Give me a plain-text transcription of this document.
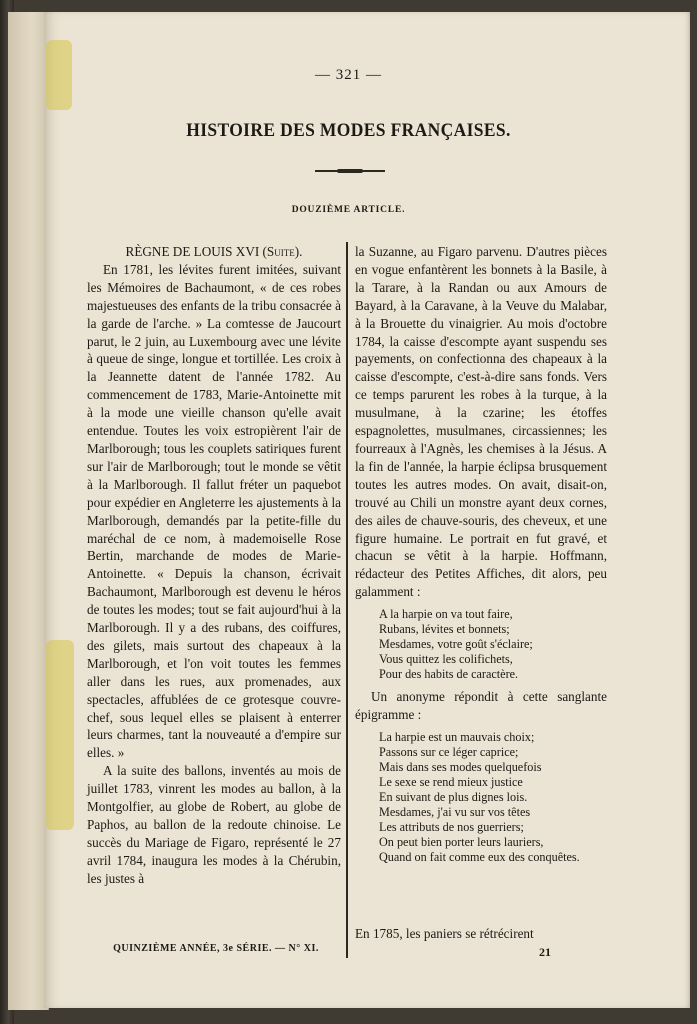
— 321 —
HISTOIRE DES MODES FRANÇAISES.
DOUZIÈME ARTICLE.

RÈGNE DE LOUIS XVI (Suite).

En 1781, les lévites furent imitées, suivant les Mémoires de Bachaumont, « de ces robes majestueuses des enfants de la tribu consacrée à la garde de l'arche. » La comtesse de Jaucourt parut, le 2 juin, au Luxembourg avec une lévite à queue de singe, longue et tortillée. Les croix à la Jeannette datent de l'année 1782. Au commencement de 1783, Marie-Antoinette mit à la mode une vieille chanson qu'elle avait entendue. Toutes les voix estropièrent l'air de Marlborough; tous les couplets satiriques furent sur l'air de Marlborough; tout le monde se vêtit à la Marlborough. Il fallut fréter un paquebot pour expédier en Angleterre les ajustements à la Marlborough, demandés par la petite-fille du maréchal de ce nom, à mademoiselle Rose Bertin, marchande de modes de Marie-Antoinette. « Depuis la chanson, écrivait Bachaumont, Marlborough est devenu le héros de toutes les modes; tout se fait aujourd'hui à la Marlborough. Il y a des rubans, des coiffures, des gilets, mais surtout des chapeaux à la Marlborough, et l'on voit toutes les femmes aller dans les rues, aux promenades, aux spectacles, affublées de ce grotesque couvre-chef, sous lequel elles se plaisent à enterrer leurs charmes, tant la nouveauté a d'empire sur elles. »

A la suite des ballons, inventés au mois de juillet 1783, vinrent les modes au ballon, à la Montgolfier, au globe de Robert, au globe de Paphos, au ballon de la redoute chinoise. Le succès du Mariage de Figaro, représenté le 27 avril 1784, inaugura les modes à la Chérubin, les justes à

la Suzanne, au Figaro parvenu. D'autres pièces en vogue enfantèrent les bonnets à la Basile, à la Tarare, à la Randan ou aux Amours de Bayard, à la Caravane, à la Veuve du Malabar, à la Brouette du vinaigrier. Au mois d'octobre 1784, la caisse d'escompte ayant suspendu ses payements, on confectionna des chapeaux à la caisse d'escompte, c'est-à-dire sans fonds. Vers ce temps parurent les robes à la turque, à la musulmane, à la czarine; les étoffes espagnolettes, musulmanes, circassiennes; les fourreaux à l'Agnès, les chemises à la Jésus. A la fin de l'année, la harpie éclipsa brusquement toutes les autres modes. On avait, disait-on, trouvé au Chili un monstre ayant deux cornes, des ailes de chauve-souris, des cheveux, et une figure humaine. Le portrait en fut gravé, et chacun se vêtit à la harpie. Hoffmann, rédacteur des Petites Affiches, dit alors, peu galamment :

A la harpie on va tout faire,
Rubans, lévites et bonnets;
Mesdames, votre goût s'éclaire;
Vous quittez les colifichets,
Pour des habits de caractère.

Un anonyme répondit à cette sanglante épigramme :

La harpie est un mauvais choix;
Passons sur ce léger caprice;
Mais dans ses modes quelquefois
Le sexe se rend mieux justice
En suivant de plus dignes lois.
Mesdames, j'ai vu sur vos têtes
Les attributs de nos guerriers;
On peut bien porter leurs lauriers,
Quand on fait comme eux des conquêtes.
En 1785, les paniers se rétrécirent
QUINZIÈME ANNÉE, 3e SÉRIE. — N° XI.	21
